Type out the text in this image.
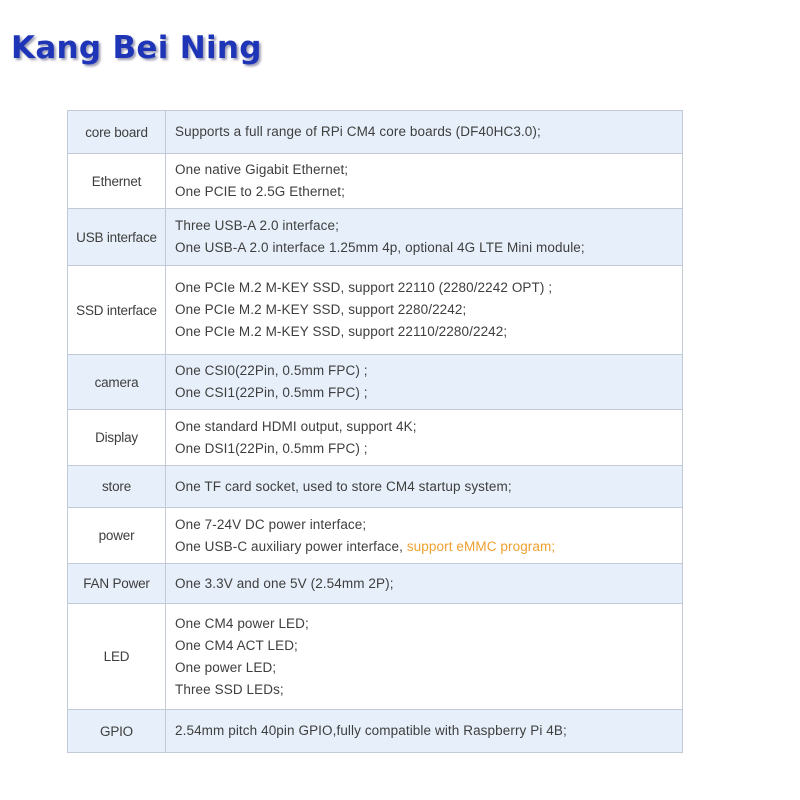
Kang Bei Ning
core board	Supports a full range of RPi CM4 core boards (DF40HC3.0);

Ethernet	One native Gigabit Ethernet;
One PCIE to 2.5G Ethernet;

USB interface	Three USB-A 2.0 interface;
One USB-A 2.0 interface 1.25mm 4p, optional 4G LTE Mini module;

SSD interface	One PCIe M.2 M-KEY SSD, support 22110 (2280/2242 OPT) ;
One PCIe M.2 M-KEY SSD, support 2280/2242;
One PCIe M.2 M-KEY SSD, support 22110/2280/2242;

camera	One CSI0(22Pin, 0.5mm FPC) ;
One CSI1(22Pin, 0.5mm FPC) ;

Display	One standard HDMI output, support 4K;
One DSI1(22Pin, 0.5mm FPC) ;

store	One TF card socket, used to store CM4 startup system;

power	One 7-24V DC power interface;
One USB-C auxiliary power interface, support eMMC program;

FAN Power	One 3.3V and one 5V (2.54mm 2P);

LED	One CM4 power LED;
One CM4 ACT LED;
One power LED;
Three SSD LEDs;

GPIO	2.54mm pitch 40pin GPIO,fully compatible with Raspberry Pi 4B;
